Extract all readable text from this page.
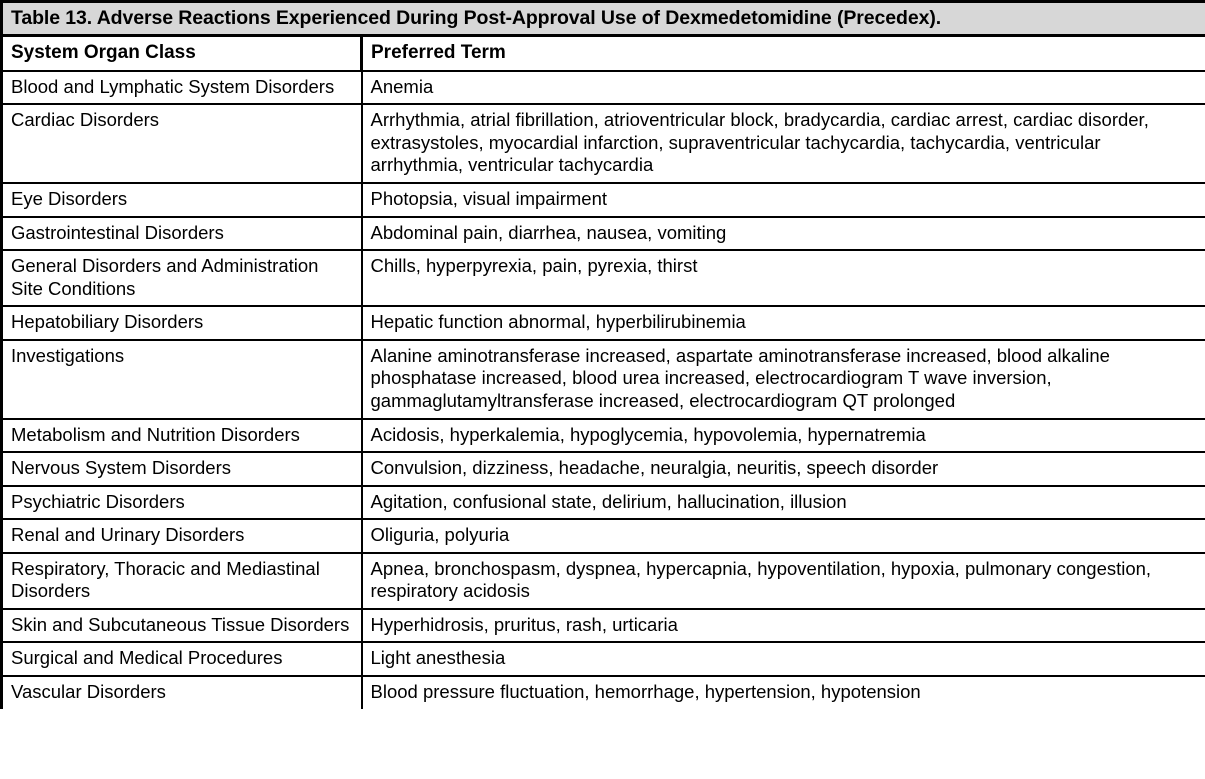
Table 13. Adverse Reactions Experienced During Post-Approval Use of Dexmedetomidine (Precedex).	
System Organ Class	Preferred Term
Blood and Lymphatic System Disorders	Anemia
Cardiac Disorders	Arrhythmia, atrial fibrillation, atrioventricular block, bradycardia, cardiac arrest, cardiac disorder, extrasystoles, myocardial infarction, supraventricular tachycardia, tachycardia, ventricular arrhythmia, ventricular tachycardia
Eye Disorders	Photopsia, visual impairment
Gastrointestinal Disorders	Abdominal pain, diarrhea, nausea, vomiting
General Disorders and Administration Site Conditions	Chills, hyperpyrexia, pain, pyrexia, thirst
Hepatobiliary Disorders	Hepatic function abnormal, hyperbilirubinemia
Investigations	Alanine aminotransferase increased, aspartate aminotransferase increased, blood alkaline phosphatase increased, blood urea increased, electrocardiogram T wave inversion, gammaglutamyltransferase increased, electrocardiogram QT prolonged
Metabolism and Nutrition Disorders	Acidosis, hyperkalemia, hypoglycemia, hypovolemia, hypernatremia
Nervous System Disorders	Convulsion, dizziness, headache, neuralgia, neuritis, speech disorder
Psychiatric Disorders	Agitation, confusional state, delirium, hallucination, illusion
Renal and Urinary Disorders	Oliguria, polyuria
Respiratory, Thoracic and Mediastinal Disorders	Apnea, bronchospasm, dyspnea, hypercapnia, hypoventilation, hypoxia, pulmonary congestion, respiratory acidosis
Skin and Subcutaneous Tissue Disorders	Hyperhidrosis, pruritus, rash, urticaria
Surgical and Medical Procedures	Light anesthesia
Vascular Disorders	Blood pressure fluctuation, hemorrhage, hypertension, hypotension
